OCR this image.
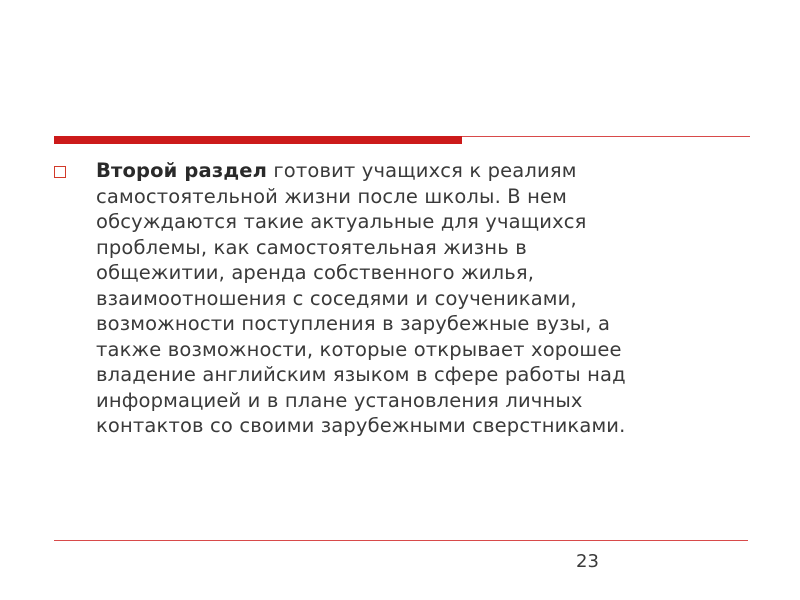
Второй раздел готовит учащихся к реалиям
самостоятельной жизни после школы. В нем
обсуждаются такие актуальные для учащихся
проблемы, как самостоятельная жизнь в
общежитии, аренда собственного жилья,
взаимоотношения с соседями и соучениками,
возможности поступления в зарубежные вузы, а
также возможности, которые открывает хорошее
владение английским языком в сфере работы над
информацией и в плане установления личных
контактов со своими зарубежными сверстниками.
23
